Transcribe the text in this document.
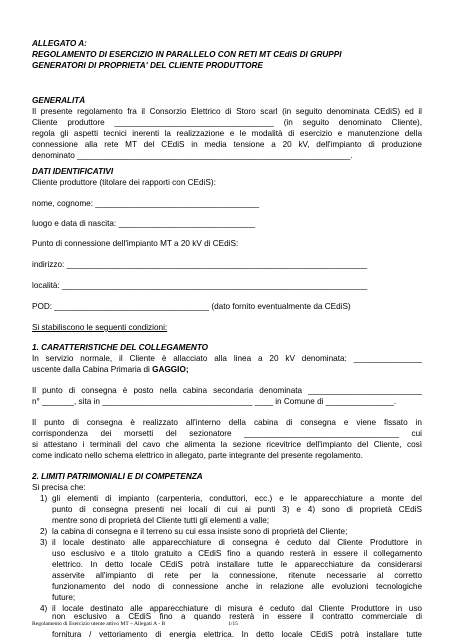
ALLEGATO A:
REGOLAMENTO DI ESERCIZIO IN PARALLELO CON RETI MT CEdiS DI GRUPPI
GENERATORI DI PROPRIETA' DEL CLIENTE PRODUTTORE
GENERALITÀ
Il presente regolamento fra il Consorzio Elettrico di Storo scarl (in seguito denominata CEdiS) ed il
Cliente produttore ___________________________________ (in seguito denominato Cliente),
regola gli aspetti tecnici inerenti la realizzazione e le modalità di esercizio e manutenzione della
connessione alla rete MT del CEdiS in media tensione a 20 kV, dell'impianto di produzione
denominato ____________________________________________________________.
DATI IDENTIFICATIVI
Cliente produttore (titolare dei rapporti con CEdiS):
nome, cognome: ____________________________________
luogo e data di nascita: ______________________________
Punto di connessione dell'impianto MT a 20 kV di CEdiS:
indirizzo: __________________________________________________________________
località: ___________________________________________________________________
POD: __________________________________ (dato fornito eventualmente da CEdiS)
Si stabiliscono le seguenti condizioni:
1. CARATTERISTICHE DEL COLLEGAMENTO
In servizio normale, il Cliente è allacciato alla linea a 20 kV denominata: _______________
uscente dalla Cabina Primaria di GAGGIO;
Il punto di consegna è posto nella cabina secondaria denominata _________________________
n° _______, sita in _________________________________ ____ in Comune di _______________.
Il punto di consegna è realizzato all'interno della cabina di consegna e viene fissato in
corrispondenza dei morsetti del sezionatore __________________________________ cui
si attestano i terminali del cavo che alimenta la sezione ricevitrice dell'impianto del Cliente, così
come indicato nello schema elettrico in allegato, parte integrante del presente regolamento.
2. LIMITI PATRIMONIALI E DI COMPETENZA
Si precisa che:
1) gli elementi di impianto (carpenteria, conduttori, ecc.) e le apparecchiature a monte del
punto di consegna presenti nei locali di cui ai punti 3) e 4) sono di proprietà CEdiS
mentre sono di proprietà del Cliente tutti gli elementi a valle;
2) la cabina di consegna e il terreno su cui essa insiste sono di proprietà del Cliente;
3) il locale destinato alle apparecchiature di consegna è ceduto dal Cliente Produttore in
uso esclusivo e a titolo gratuito a CEdiS fino a quando resterà in essere il collegamento
elettrico. In detto locale CEdiS potrà installare tutte le apparecchiature da considerarsi
asservite all'impianto di rete per la connessione, ritenute necessarie al corretto
funzionamento del nodo di connessione anche in relazione alle evoluzioni tecnologiche
future;
4) il locale destinato alle apparecchiature di misura è ceduto dal Cliente Produttore in uso
non esclusivo a CEdiS fino a quando resterà in essere il contratto commerciale di
Regolamento di Esercizio utente attivo MT – Allegati A - B	1/15
fornitura / vettoriamento di energia elettrica. In detto locale CEdiS potrà installare tutte
